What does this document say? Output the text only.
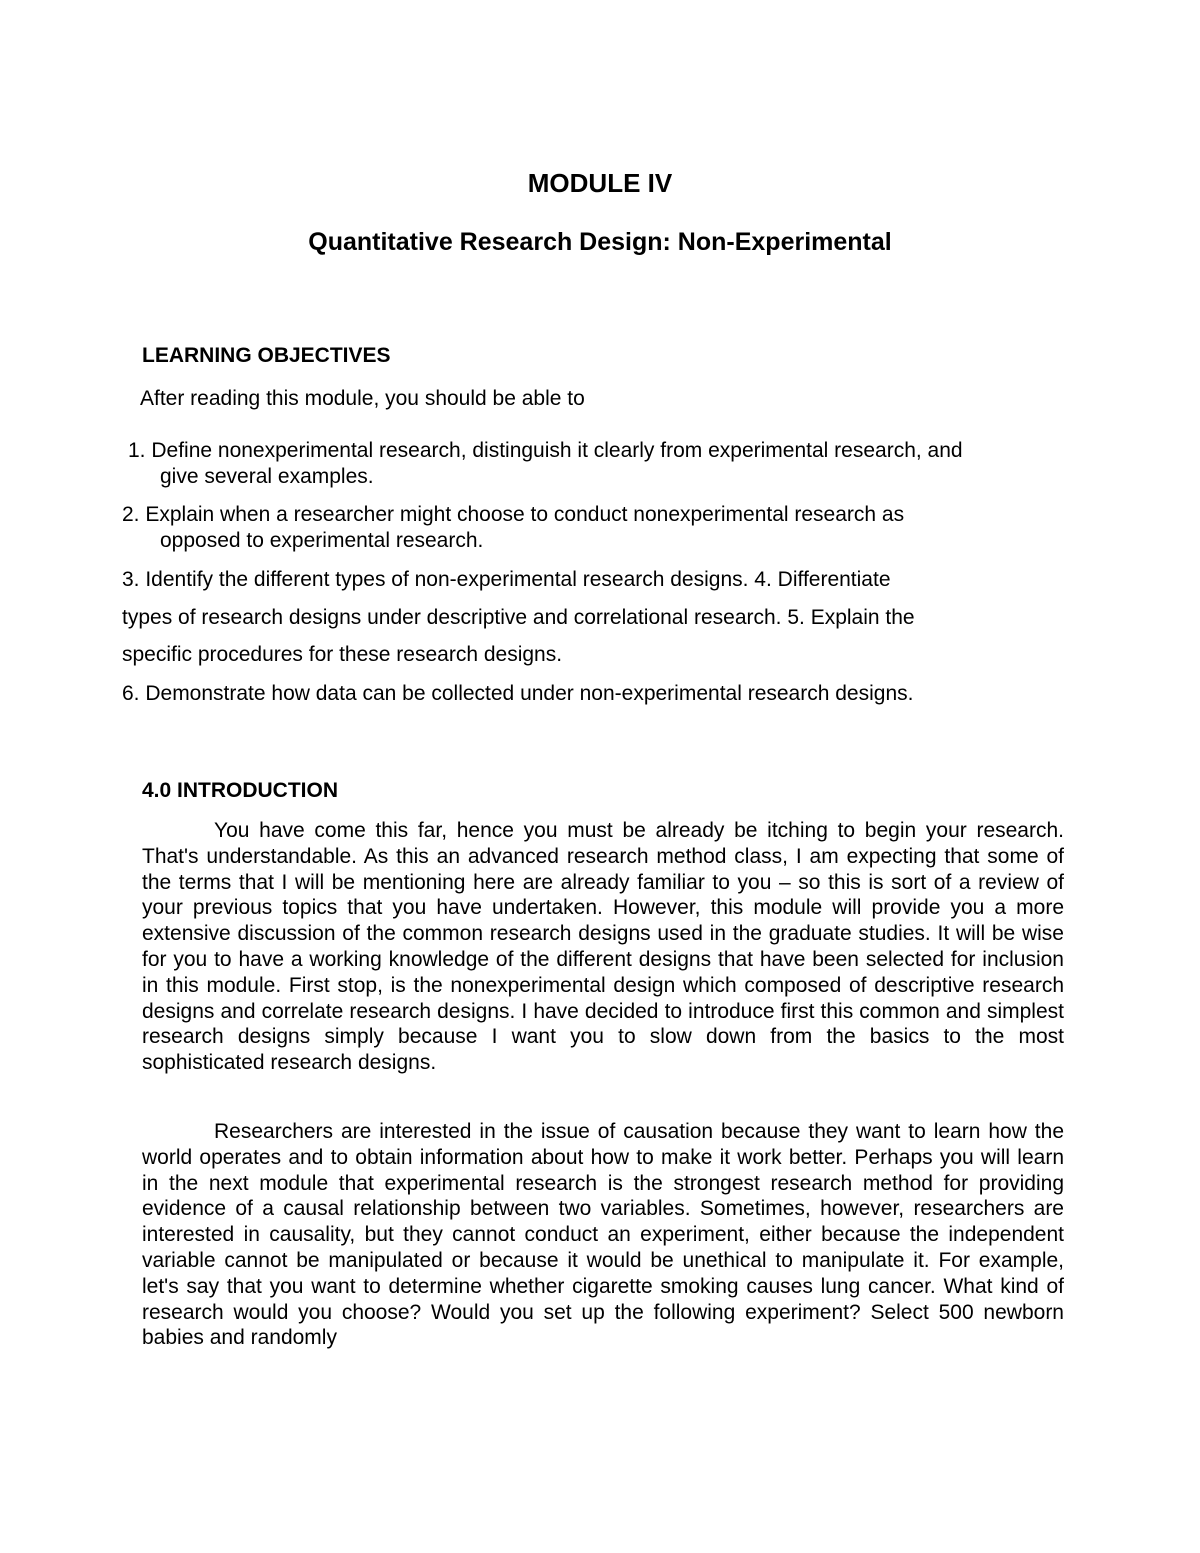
MODULE IV
Quantitative Research Design: Non-Experimental
LEARNING OBJECTIVES
After reading this module, you should be able to
1. Define nonexperimental research, distinguish it clearly from experimental research, and
give several examples.
2. Explain when a researcher might choose to conduct nonexperimental research as
opposed to experimental research.
3. Identify the different types of non-experimental research designs. 4. Differentiate
types of research designs under descriptive and correlational research. 5. Explain the
specific procedures for these research designs.
6. Demonstrate how data can be collected under non-experimental research designs.
4.0 INTRODUCTION

You have come this far, hence you must be already be itching to begin your research. That's understandable. As this an advanced research method class, I am expecting that some of the terms that I will be mentioning here are already familiar to you – so this is sort of a review of your previous topics that you have undertaken. However, this module will provide you a more extensive discussion of the common research designs used in the graduate studies. It will be wise for you to have a working knowledge of the different designs that have been selected for inclusion in this module. First stop, is the nonexperimental design which composed of descriptive research designs and correlate research designs. I have decided to introduce first this common and simplest research designs simply because I want you to slow down from the basics to the most sophisticated research designs.

Researchers are interested in the issue of causation because they want to learn how the world operates and to obtain information about how to make it work better. Perhaps you will learn in the next module that experimental research is the strongest research method for providing evidence of a causal relationship between two variables. Sometimes, however, researchers are interested in causality, but they cannot conduct an experiment, either because the independent variable cannot be manipulated or because it would be unethical to manipulate it. For example, let's say that you want to determine whether cigarette smoking causes lung cancer. What kind of research would you choose? Would you set up the following experiment? Select 500 newborn babies and randomly
